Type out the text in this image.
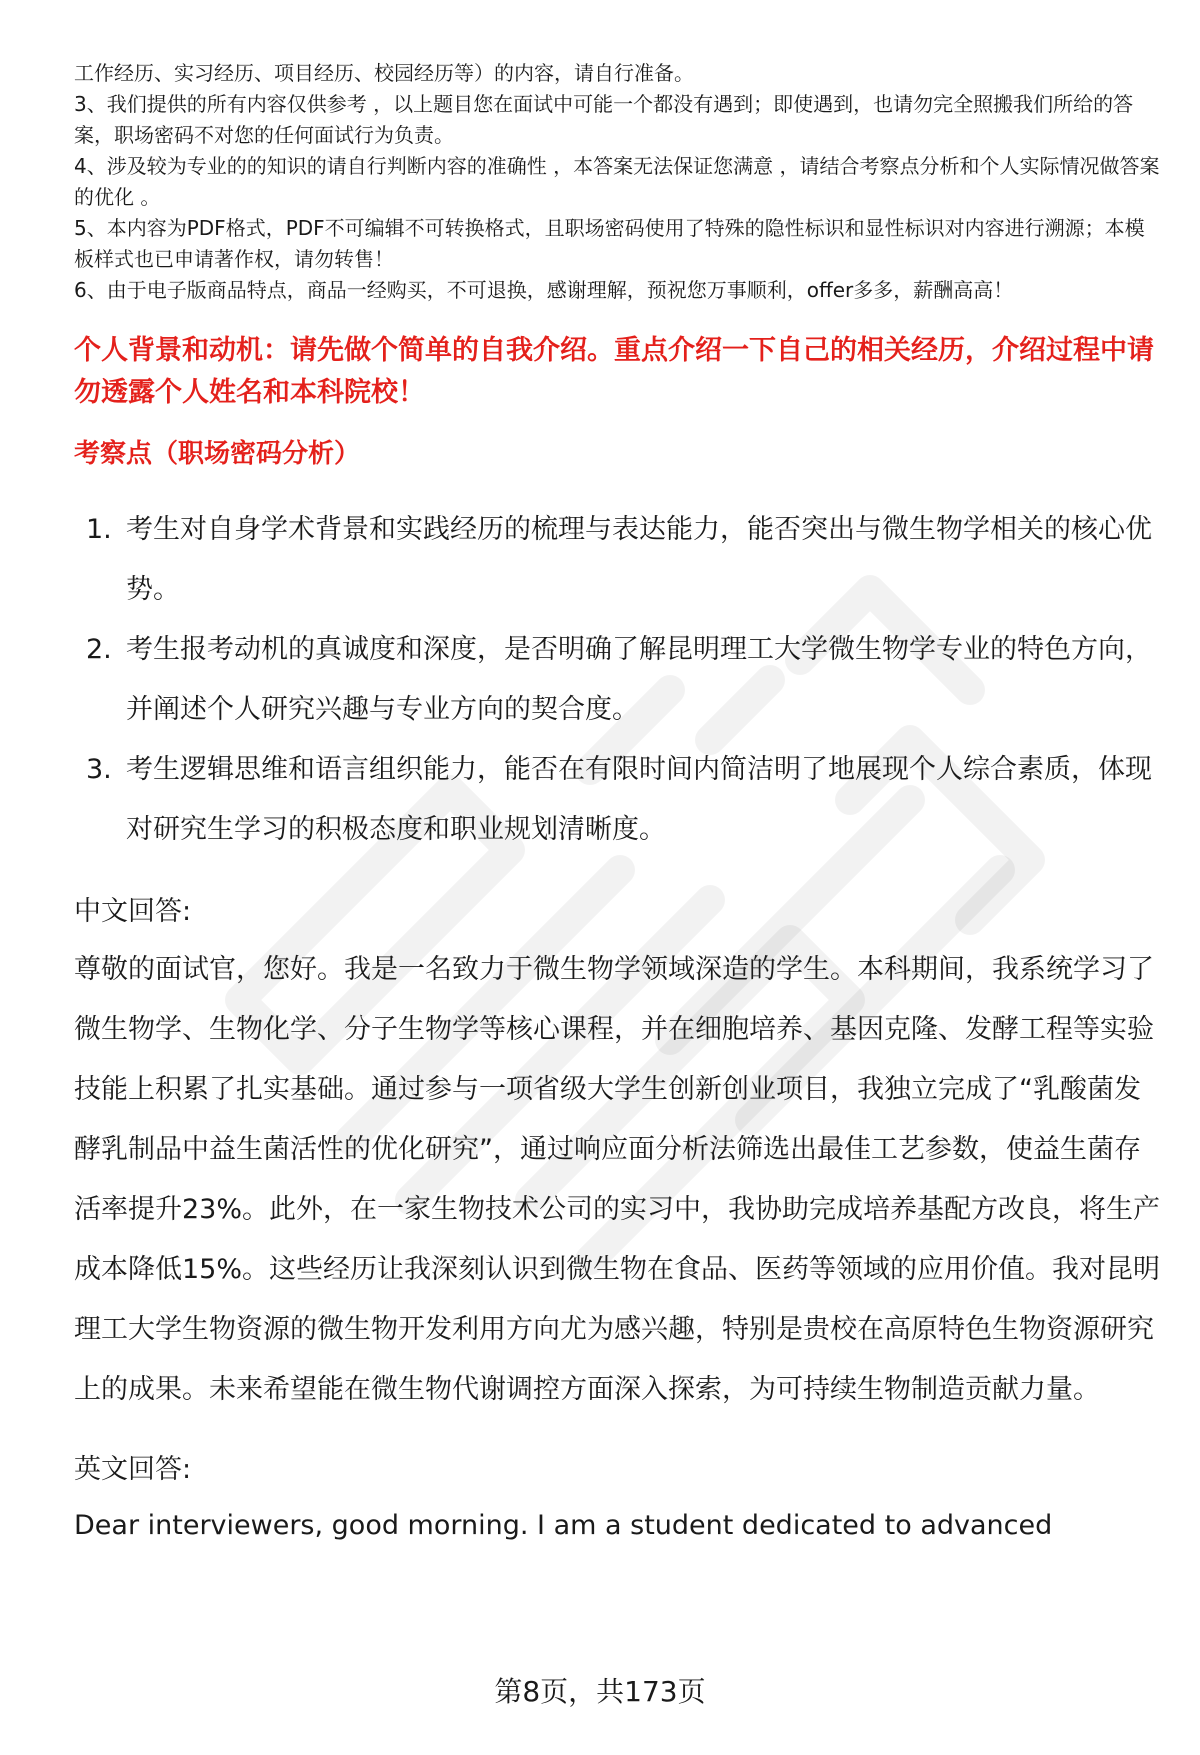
工作经历、实习经历、项目经历、校园经历等）的内容，请自行准备。

3、我们提供的所有内容仅供参考 ，以上题目您在面试中可能一个都没有遇到；即使遇到，也请勿完全照搬我们所给的答案，职场密码不对您的任何面试行为负责。

4、涉及较为专业的的知识的请自行判断内容的准确性 ，本答案无法保证您满意 ，请结合考察点分析和个人实际情况做答案的优化 。

5、本内容为PDF格式，PDF不可编辑不可转换格式，且职场密码使用了特殊的隐性标识和显性标识对内容进行溯源；本模板样式也已申请著作权，请勿转售！

6、由于电子版商品特点，商品一经购买，不可退换，感谢理解，预祝您万事顺利，offer多多，薪酬高高！

个人背景和动机：请先做个简单的自我介绍。重点介绍一下自己的相关经历，介绍过程中请勿透露个人姓名和本科院校！
考察点（职场密码分析）
1. 考生对自身学术背景和实践经历的梳理与表达能力，能否突出与微生物学相关的核心优势。
2. 考生报考动机的真诚度和深度，是否明确了解昆明理工大学微生物学专业的特色方向，并阐述个人研究兴趣与专业方向的契合度。
3. 考生逻辑思维和语言组织能力，能否在有限时间内简洁明了地展现个人综合素质，体现对研究生学习的积极态度和职业规划清晰度。
中文回答:

尊敬的面试官，您好。我是一名致力于微生物学领域深造的学生。本科期间，我系统学习了微生物学、生物化学、分子生物学等核心课程，并在细胞培养、基因克隆、发酵工程等实验技能上积累了扎实基础。通过参与一项省级大学生创新创业项目，我独立完成了“乳酸菌发酵乳制品中益生菌活性的优化研究”，通过响应面分析法筛选出最佳工艺参数，使益生菌存活率提升23%。此外，在一家生物技术公司的实习中，我协助完成培养基配方改良，将生产成本降低15%。这些经历让我深刻认识到微生物在食品、医药等领域的应用价值。我对昆明理工大学生物资源的微生物开发利用方向尤为感兴趣，特别是贵校在高原特色生物资源研究上的成果。未来希望能在微生物代谢调控方面深入探索，为可持续生物制造贡献力量。

英文回答:

Dear interviewers, good morning. I am a student dedicated to advanced

第8页，共173页
